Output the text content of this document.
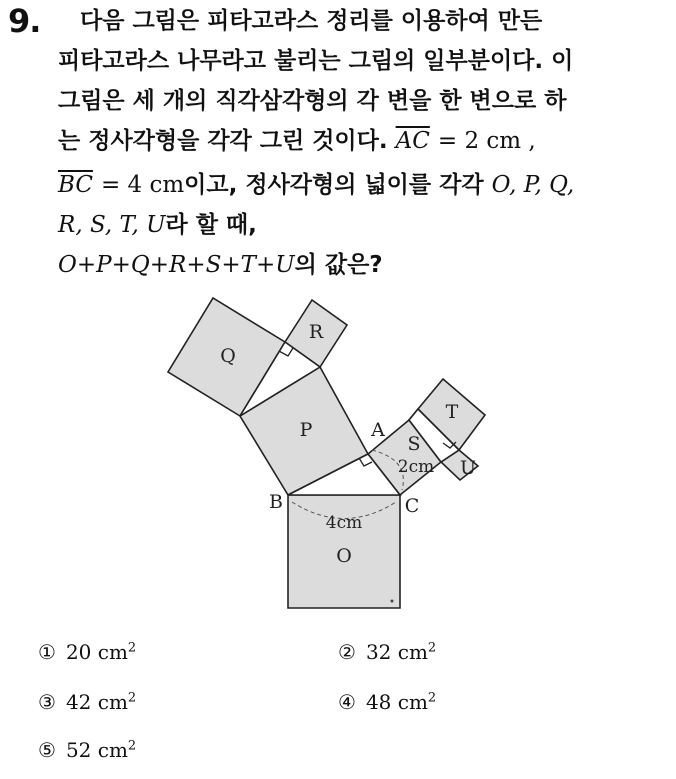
9. 다음 그림은 피타고라스 정리를 이용하여 만든
피타고라스 나무라고 불리는 그림의 일부분이다. 이
그림은 세 개의 직각삼각형의 각 변을 한 변으로 하
는 정사각형을 각각 그린 것이다. $\overline{AC} = 2$ cm ,
$\overline{BC} = 4$ cm이고, 정사각형의 넓이를 각각 O, P, Q,
R, S, T, U라 할 때,
O+P+Q+R+S+T+U의 값은?
Q
R
P	A
S
T
U
B	C
O
2cm
4cm
① 20 $cm^2$	② 32 $cm^2$
③ 42 $cm^2$	④ 48 $cm^2$
⑤ 52 $cm^2$
